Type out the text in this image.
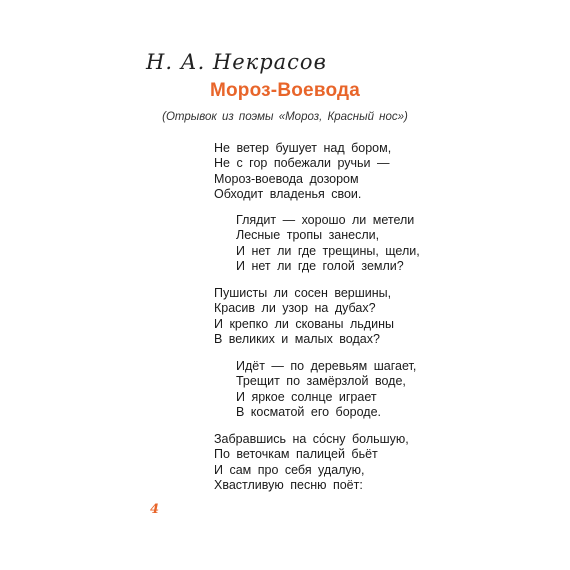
Н. А. Некрасов
Мороз-Воевода
(Отрывок из поэмы «Мороз, Красный нос»)
Не ветер бушует над бором,
Не с гор побежали ручьи —
Мороз-воевода дозором
Обходит владенья свои.
Глядит — хорошо ли метели
Лесные тропы занесли,
И нет ли где трещины, щели,
И нет ли где голой земли?
Пушисты ли сосен вершины,
Красив ли узор на дубах?
И крепко ли скованы льдины
В великих и малых водах?
Идёт — по деревьям шагает,
Трещит по замёрзлой воде,
И яркое солнце играет
В косматой его бороде.
Забравшись на со́сну большую,
По веточкам палицей бьёт
И сам про себя удалую,
Хвастливую песню поёт:
4
